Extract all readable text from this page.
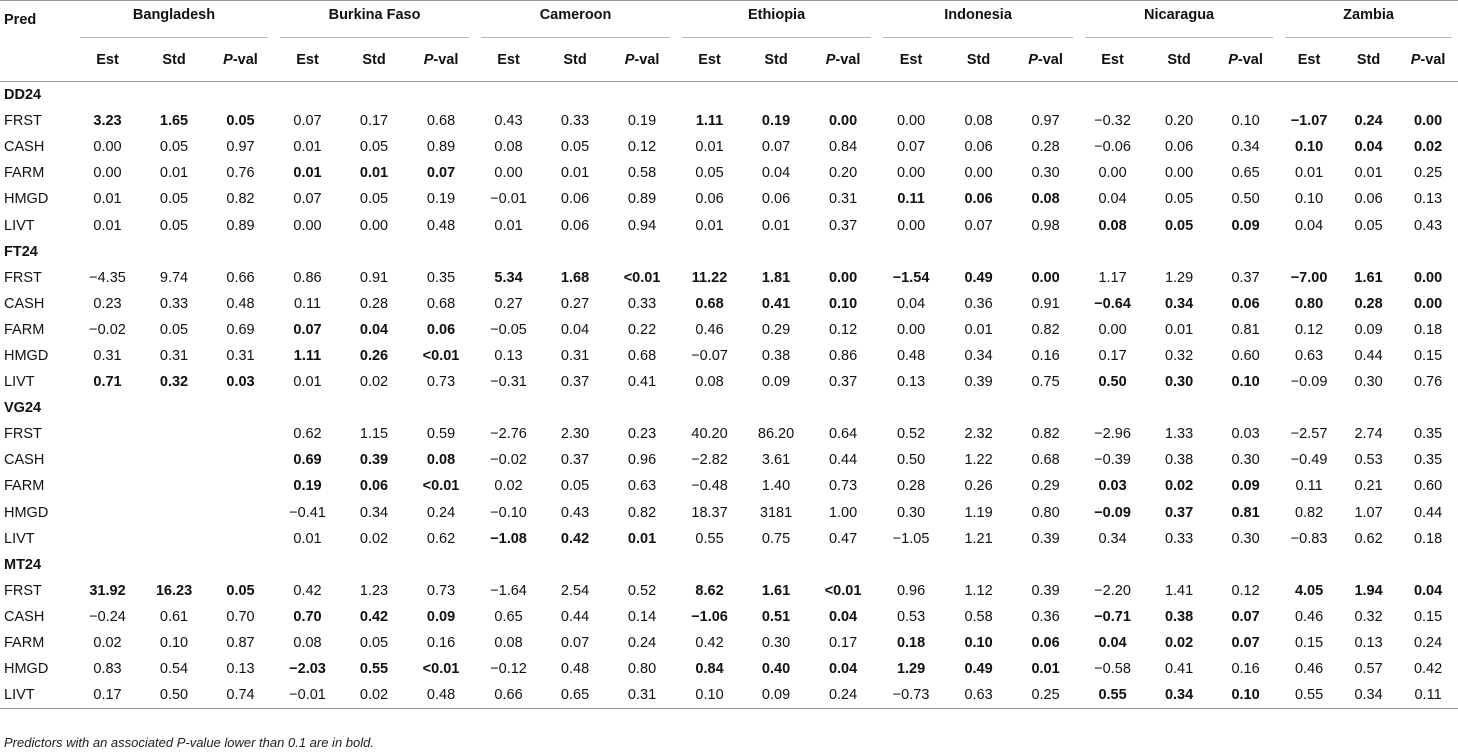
Pred	Bangladesh			Burkina Faso			Cameroon			Ethiopia			Indonesia			Nicaragua			Zambia		

	Est	Std	P-val	Est	Std	P-val	Est	Std	P-val	Est	Std	P-val	Est	Std	P-val	Est	Std	P-val	Est	Std	P-val
DD24																					
FRST	3.23	1.65	0.05	0.07	0.17	0.68	0.43	0.33	0.19	1.11	0.19	0.00	0.00	0.08	0.97	−0.32	0.20	0.10	−1.07	0.24	0.00
CASH	0.00	0.05	0.97	0.01	0.05	0.89	0.08	0.05	0.12	0.01	0.07	0.84	0.07	0.06	0.28	−0.06	0.06	0.34	0.10	0.04	0.02
FARM	0.00	0.01	0.76	0.01	0.01	0.07	0.00	0.01	0.58	0.05	0.04	0.20	0.00	0.00	0.30	0.00	0.00	0.65	0.01	0.01	0.25
HMGD	0.01	0.05	0.82	0.07	0.05	0.19	−0.01	0.06	0.89	0.06	0.06	0.31	0.11	0.06	0.08	0.04	0.05	0.50	0.10	0.06	0.13
LIVT	0.01	0.05	0.89	0.00	0.00	0.48	0.01	0.06	0.94	0.01	0.01	0.37	0.00	0.07	0.98	0.08	0.05	0.09	0.04	0.05	0.43
FT24																					
FRST	−4.35	9.74	0.66	0.86	0.91	0.35	5.34	1.68	<0.01	11.22	1.81	0.00	−1.54	0.49	0.00	1.17	1.29	0.37	−7.00	1.61	0.00
CASH	0.23	0.33	0.48	0.11	0.28	0.68	0.27	0.27	0.33	0.68	0.41	0.10	0.04	0.36	0.91	−0.64	0.34	0.06	0.80	0.28	0.00
FARM	−0.02	0.05	0.69	0.07	0.04	0.06	−0.05	0.04	0.22	0.46	0.29	0.12	0.00	0.01	0.82	0.00	0.01	0.81	0.12	0.09	0.18
HMGD	0.31	0.31	0.31	1.11	0.26	<0.01	0.13	0.31	0.68	−0.07	0.38	0.86	0.48	0.34	0.16	0.17	0.32	0.60	0.63	0.44	0.15
LIVT	0.71	0.32	0.03	0.01	0.02	0.73	−0.31	0.37	0.41	0.08	0.09	0.37	0.13	0.39	0.75	0.50	0.30	0.10	−0.09	0.30	0.76
VG24																					
FRST				0.62	1.15	0.59	−2.76	2.30	0.23	40.20	86.20	0.64	0.52	2.32	0.82	−2.96	1.33	0.03	−2.57	2.74	0.35
CASH				0.69	0.39	0.08	−0.02	0.37	0.96	−2.82	3.61	0.44	0.50	1.22	0.68	−0.39	0.38	0.30	−0.49	0.53	0.35
FARM				0.19	0.06	<0.01	0.02	0.05	0.63	−0.48	1.40	0.73	0.28	0.26	0.29	0.03	0.02	0.09	0.11	0.21	0.60
HMGD				−0.41	0.34	0.24	−0.10	0.43	0.82	18.37	3181	1.00	0.30	1.19	0.80	−0.09	0.37	0.81	0.82	1.07	0.44
LIVT				0.01	0.02	0.62	−1.08	0.42	0.01	0.55	0.75	0.47	−1.05	1.21	0.39	0.34	0.33	0.30	−0.83	0.62	0.18
MT24																					
FRST	31.92	16.23	0.05	0.42	1.23	0.73	−1.64	2.54	0.52	8.62	1.61	<0.01	0.96	1.12	0.39	−2.20	1.41	0.12	4.05	1.94	0.04
CASH	−0.24	0.61	0.70	0.70	0.42	0.09	0.65	0.44	0.14	−1.06	0.51	0.04	0.53	0.58	0.36	−0.71	0.38	0.07	0.46	0.32	0.15
FARM	0.02	0.10	0.87	0.08	0.05	0.16	0.08	0.07	0.24	0.42	0.30	0.17	0.18	0.10	0.06	0.04	0.02	0.07	0.15	0.13	0.24
HMGD	0.83	0.54	0.13	−2.03	0.55	<0.01	−0.12	0.48	0.80	0.84	0.40	0.04	1.29	0.49	0.01	−0.58	0.41	0.16	0.46	0.57	0.42
LIVT	0.17	0.50	0.74	−0.01	0.02	0.48	0.66	0.65	0.31	0.10	0.09	0.24	−0.73	0.63	0.25	0.55	0.34	0.10	0.55	0.34	0.11
Predictors with an associated P-value lower than 0.1 are in bold.
